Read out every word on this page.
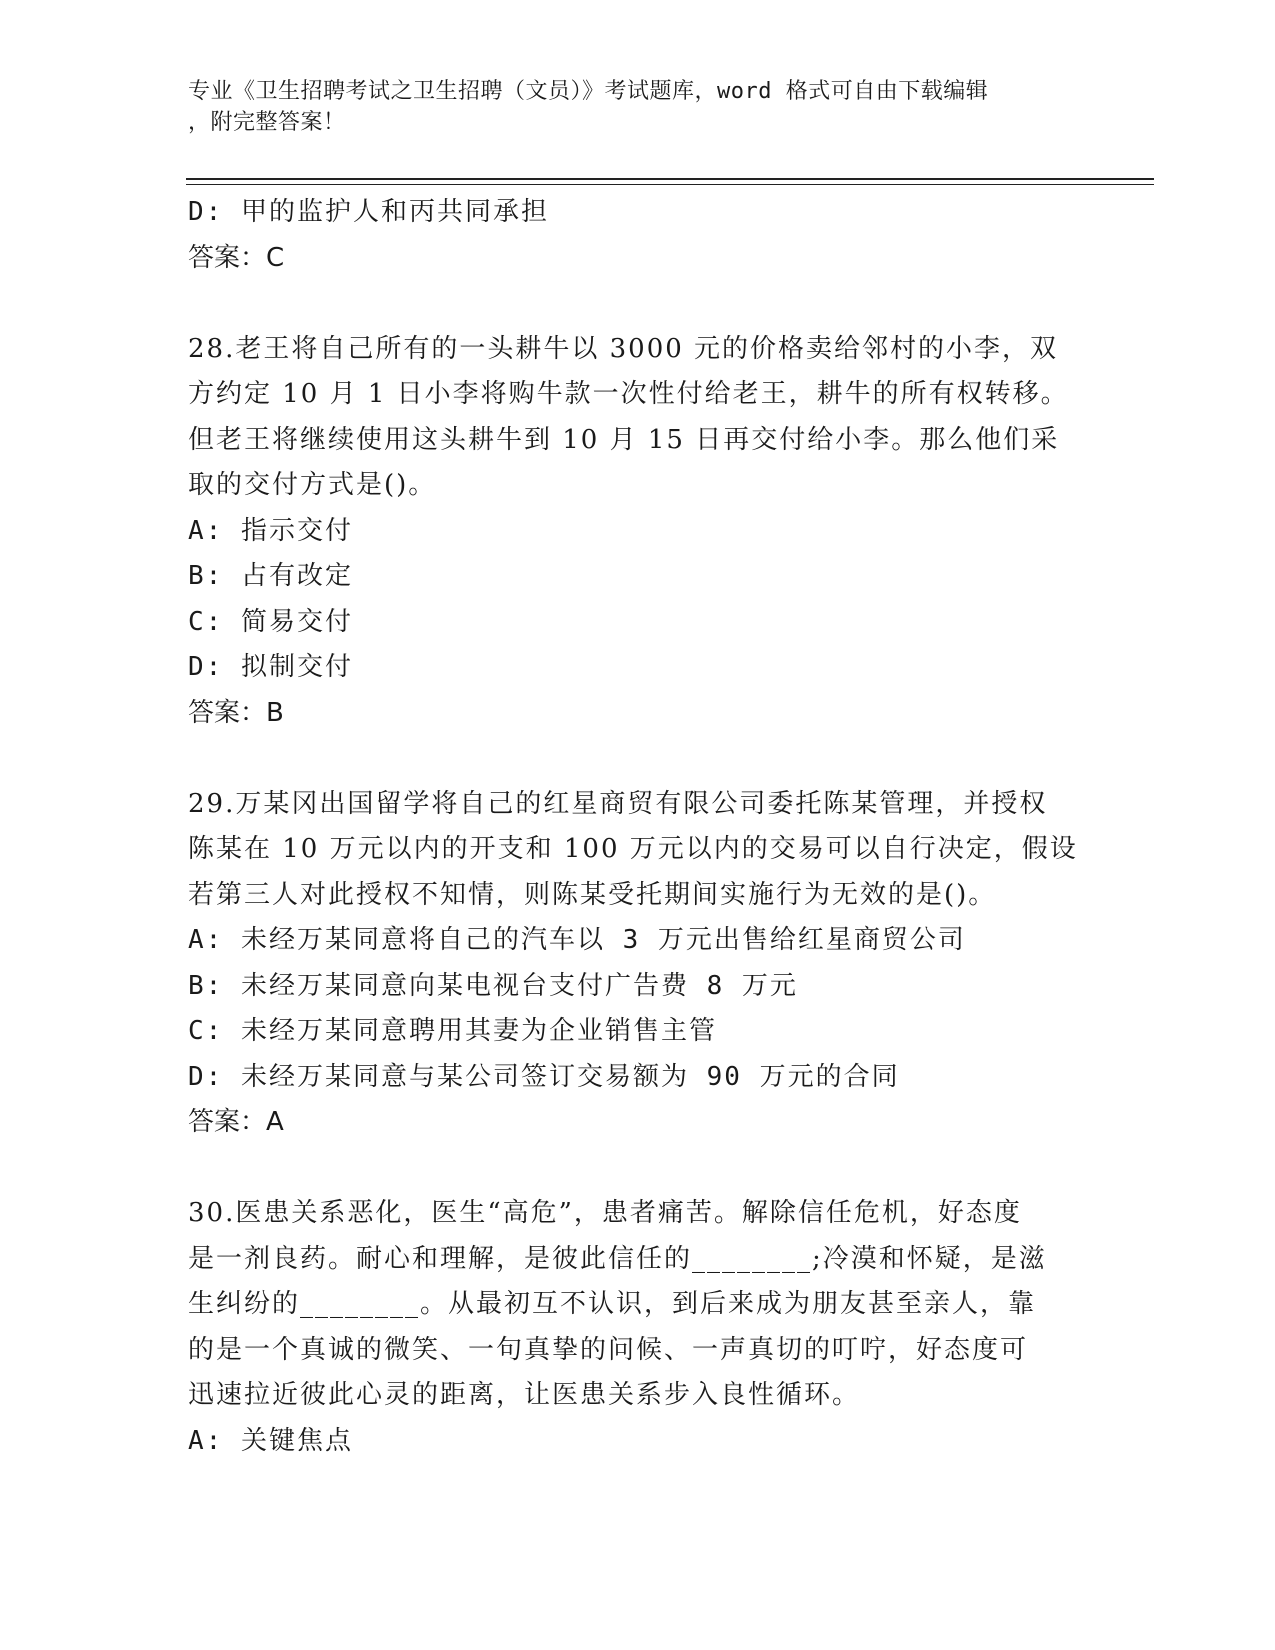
专业《卫生招聘考试之卫生招聘（文员）》考试题库，word 格式可自由下载编辑
，附完整答案！
D: 甲的监护人和丙共同承担
答案：C
28.老王将自己所有的一头耕牛以 3000 元的价格卖给邻村的小李，双
方约定 10 月 1 日小李将购牛款一次性付给老王，耕牛的所有权转移。
但老王将继续使用这头耕牛到 10 月 15 日再交付给小李。那么他们采
取的交付方式是()。
A: 指示交付
B: 占有改定
C: 简易交付
D: 拟制交付
答案：B
29.万某冈出国留学将自己的红星商贸有限公司委托陈某管理，并授权
陈某在 10 万元以内的开支和 100 万元以内的交易可以自行决定，假设
若第三人对此授权不知情，则陈某受托期间实施行为无效的是()。
A: 未经万某同意将自己的汽车以 3 万元出售给红星商贸公司
B: 未经万某同意向某电视台支付广告费 8 万元
C: 未经万某同意聘用其妻为企业销售主管
D: 未经万某同意与某公司签订交易额为 90 万元的合同
答案：A
30.医患关系恶化，医生“高危”，患者痛苦。解除信任危机，好态度
是一剂良药。耐心和理解，是彼此信任的________;冷漠和怀疑，是滋
生纠纷的________。从最初互不认识，到后来成为朋友甚至亲人，靠
的是一个真诚的微笑、一句真挚的问候、一声真切的叮咛，好态度可
迅速拉近彼此心灵的距离，让医患关系步入良性循环。
A: 关键焦点
